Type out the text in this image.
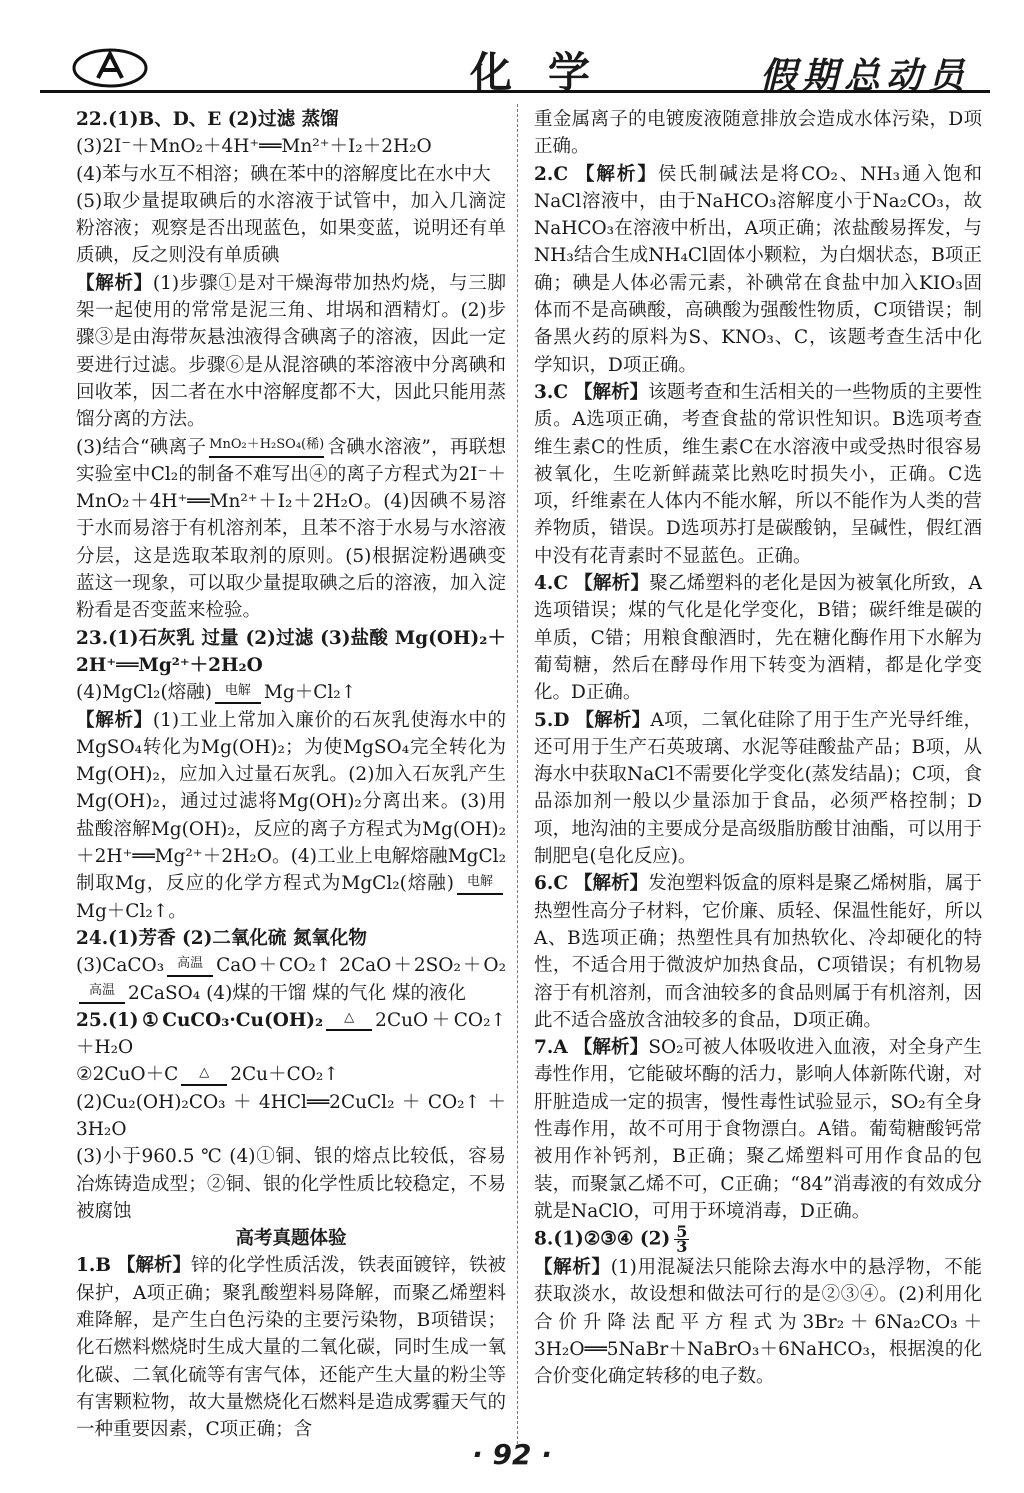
化学	假期总动员

22.(1)B、D、E (2)过滤 蒸馏

(3)2I⁻＋MnO₂＋4H⁺══Mn²⁺＋I₂＋2H₂O

(4)苯与水互不相溶；碘在苯中的溶解度比在水中大

(5)取少量提取碘后的水溶液于试管中，加入几滴淀粉溶液；观察是否出现蓝色，如果变蓝，说明还有单质碘，反之则没有单质碘

【解析】(1)步骤①是对干燥海带加热灼烧，与三脚架一起使用的常常是泥三角、坩埚和酒精灯。(2)步骤③是由海带灰悬浊液得含碘离子的溶液，因此一定要进行过滤。步骤⑥是从混溶碘的苯溶液中分离碘和回收苯，因二者在水中溶解度都不大，因此只能用蒸馏分离的方法。

(3)结合“碘离子 MnO₂＋H₂SO₄(稀) 含碘水溶液”，再联想实验室中Cl₂的制备不难写出④的离子方程式为2I⁻＋MnO₂＋4H⁺══Mn²⁺＋I₂＋2H₂O。(4)因碘不易溶于水而易溶于有机溶剂苯，且苯不溶于水易与水溶液分层，这是选取苯取剂的原则。(5)根据淀粉遇碘变蓝这一现象，可以取少量提取碘之后的溶液，加入淀粉看是否变蓝来检验。

23.(1)石灰乳 过量 (2)过滤 (3)盐酸 Mg(OH)₂＋2H⁺══Mg²⁺＋2H₂O

(4)MgCl₂(熔融) 电解 Mg＋Cl₂↑

【解析】(1)工业上常加入廉价的石灰乳使海水中的MgSO₄转化为Mg(OH)₂；为使MgSO₄完全转化为Mg(OH)₂，应加入过量石灰乳。(2)加入石灰乳产生Mg(OH)₂，通过过滤将Mg(OH)₂分离出来。(3)用盐酸溶解Mg(OH)₂，反应的离子方程式为Mg(OH)₂＋2H⁺══Mg²⁺＋2H₂O。(4)工业上电解熔融MgCl₂制取Mg，反应的化学方程式为MgCl₂(熔融) 电解
Mg＋Cl₂↑。

24.(1)芳香 (2)二氧化硫 氮氧化物

(3)CaCO₃ 高温 CaO＋CO₂↑ 2CaO＋2SO₂＋O₂
高温 2CaSO₄ (4)煤的干馏 煤的气化 煤的液化

25.(1)①CuCO₃·Cu(OH)₂	△	2CuO＋CO₂↑＋H₂O

②2CuO＋C	△	2Cu＋CO₂↑

(2)Cu₂(OH)₂CO₃＋4HCl══2CuCl₂＋CO₂↑＋3H₂O

(3)小于960.5 ℃ (4)①铜、银的熔点比较低，容易冶炼铸造成型；②铜、银的化学性质比较稳定，不易被腐蚀

高考真题体验

1.B 【解析】锌的化学性质活泼，铁表面镀锌，铁被保护，A项正确；聚乳酸塑料易降解，而聚乙烯塑料难降解，是产生白色污染的主要污染物，B项错误；化石燃料燃烧时生成大量的二氧化碳，同时生成一氧化碳、二氧化硫等有害气体，还能产生大量的粉尘等有害颗粒物，故大量燃烧化石燃料是造成雾霾天气的一种重要因素，C项正确；含

重金属离子的电镀废液随意排放会造成水体污染，D项正确。

2.C 【解析】侯氏制碱法是将CO₂、NH₃通入饱和NaCl溶液中，由于NaHCO₃溶解度小于Na₂CO₃，故NaHCO₃在溶液中析出，A项正确；浓盐酸易挥发，与NH₃结合生成NH₄Cl固体小颗粒，为白烟状态，B项正确；碘是人体必需元素，补碘常在食盐中加入KIO₃固体而不是高碘酸，高碘酸为强酸性物质，C项错误；制备黑火药的原料为S、KNO₃、C，该题考查生活中化学知识，D项正确。

3.C 【解析】该题考查和生活相关的一些物质的主要性质。A选项正确，考查食盐的常识性知识。B选项考查维生素C的性质，维生素C在水溶液中或受热时很容易被氧化，生吃新鲜蔬菜比熟吃时损失小，正确。C选项，纤维素在人体内不能水解，所以不能作为人类的营养物质，错误。D选项苏打是碳酸钠，呈碱性，假红酒中没有花青素时不显蓝色。正确。

4.C 【解析】聚乙烯塑料的老化是因为被氧化所致，A选项错误；煤的气化是化学变化，B错；碳纤维是碳的单质，C错；用粮食酿酒时，先在糖化酶作用下水解为葡萄糖，然后在酵母作用下转变为酒精，都是化学变化。D正确。

5.D 【解析】A项，二氧化硅除了用于生产光导纤维，还可用于生产石英玻璃、水泥等硅酸盐产品；B项，从海水中获取NaCl不需要化学变化(蒸发结晶)；C项，食品添加剂一般以少量添加于食品，必须严格控制；D项，地沟油的主要成分是高级脂肪酸甘油酯，可以用于制肥皂(皂化反应)。

6.C 【解析】发泡塑料饭盒的原料是聚乙烯树脂，属于热塑性高分子材料，它价廉、质轻、保温性能好，所以A、B选项正确；热塑性具有加热软化、冷却硬化的特性，不适合用于微波炉加热食品，C项错误；有机物易溶于有机溶剂，而含油较多的食品则属于有机溶剂，因此不适合盛放含油较多的食品，D项正确。

7.A 【解析】SO₂可被人体吸收进入血液，对全身产生毒性作用，它能破坏酶的活力，影响人体新陈代谢，对肝脏造成一定的损害，慢性毒性试验显示，SO₂有全身性毒作用，故不可用于食物漂白。A错。葡萄糖酸钙常被用作补钙剂，B正确；聚乙烯塑料可用作食品的包装，而聚氯乙烯不可，C正确；“84”消毒液的有效成分就是NaClO，可用于环境消毒，D正确。

8.(1)②③④ $(2) \frac{5}{3}$

【解析】(1)用混凝法只能除去海水中的悬浮物，不能获取淡水，故设想和做法可行的是②③④。(2)利用化合价升降法配平方程式为3Br₂＋6Na₂CO₃＋3H₂O══5NaBr＋NaBrO₃＋6NaHCO₃，根据溴的化合价变化确定转移的电子数。

· 92 ·
